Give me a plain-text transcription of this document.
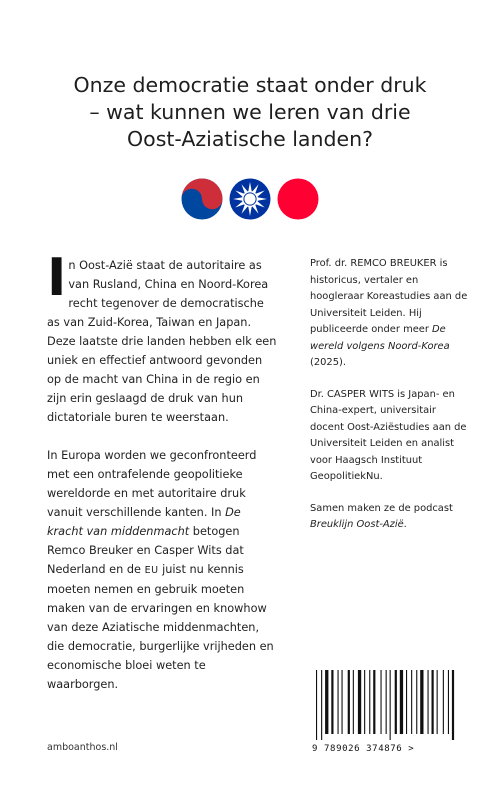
Onze democratie staat onder druk
– wat kunnen we leren van drie
Oost-Aziatische landen?

In Oost-Azië staat de autoritaire as van Rusland, China en Noord-Korea recht tegenover de democratische as van Zuid-Korea, Taiwan en Japan. Deze laatste drie landen hebben elk een uniek en effectief antwoord gevonden op de macht van China in de regio en zijn erin geslaagd de druk van hun dictatoriale buren te weerstaan.

In Europa worden we geconfronteerd met een ontrafelende geopolitieke wereldorde en met autoritaire druk vanuit verschillende kanten. In De kracht van middenmacht betogen Remco Breuker en Casper Wits dat Nederland en de EU juist nu kennis moeten nemen en gebruik moeten maken van de ervaringen en knowhow van deze Aziatische middenmachten, die democratie, burgerlijke vrijheden en economische bloei weten te waarborgen.

Prof. dr. REMCO BREUKER is historicus, vertaler en hoogleraar Koreastudies aan de Universiteit Leiden. Hij publiceerde onder meer De wereld volgens Noord-Korea (2025).

Dr. CASPER WITS is Japan- en China-expert, universitair docent Oost-Aziëstudies aan de Universiteit Leiden en analist voor Haagsch Instituut GeopolitiekNu.

Samen maken ze de podcast Breuklijn Oost-Azië.

amboanthos.nl	9 789026 374876 >
